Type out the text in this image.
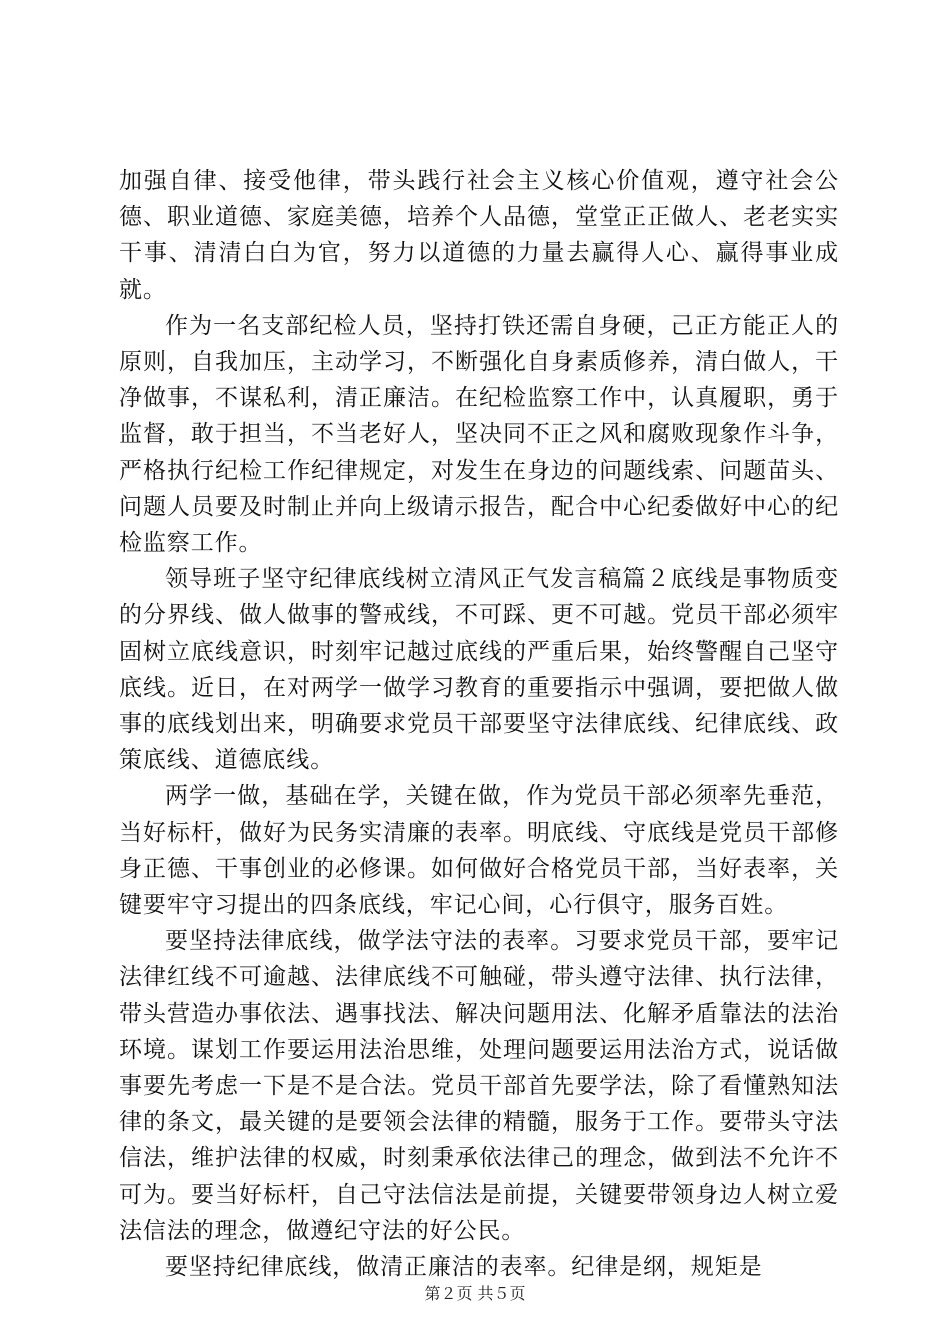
加强自律、接受他律，带头践行社会主义核心价值观，遵守社会公德、职业道德、家庭美德，培养个人品德，堂堂正正做人、老老实实干事、清清白白为官，努力以道德的力量去赢得人心、赢得事业成就。

作为一名支部纪检人员，坚持打铁还需自身硬，己正方能正人的原则，自我加压，主动学习，不断强化自身素质修养，清白做人，干净做事，不谋私利，清正廉洁。在纪检监察工作中，认真履职，勇于监督，敢于担当，不当老好人，坚决同不正之风和腐败现象作斗争，严格执行纪检工作纪律规定，对发生在身边的问题线索、问题苗头、问题人员要及时制止并向上级请示报告，配合中心纪委做好中心的纪检监察工作。

领导班子坚守纪律底线树立清风正气发言稿篇２底线是事物质变的分界线、做人做事的警戒线，不可踩、更不可越。党员干部必须牢固树立底线意识，时刻牢记越过底线的严重后果，始终警醒自己坚守底线。近日，在对两学一做学习教育的重要指示中强调，要把做人做事的底线划出来，明确要求党员干部要坚守法律底线、纪律底线、政策底线、道德底线。

两学一做，基础在学，关键在做，作为党员干部必须率先垂范，当好标杆，做好为民务实清廉的表率。明底线、守底线是党员干部修身正德、干事创业的必修课。如何做好合格党员干部，当好表率，关键要牢守习提出的四条底线，牢记心间，心行俱守，服务百姓。

要坚持法律底线，做学法守法的表率。习要求党员干部，要牢记法律红线不可逾越、法律底线不可触碰，带头遵守法律、执行法律，带头营造办事依法、遇事找法、解决问题用法、化解矛盾靠法的法治环境。谋划工作要运用法治思维，处理问题要运用法治方式，说话做事要先考虑一下是不是合法。党员干部首先要学法，除了看懂熟知法律的条文，最关键的是要领会法律的精髓，服务于工作。要带头守法信法，维护法律的权威，时刻秉承依法律己的理念，做到法不允许不可为。要当好标杆，自己守法信法是前提，关键要带领身边人树立爱法信法的理念，做遵纪守法的好公民。

要坚持纪律底线，做清正廉洁的表率。纪律是纲，规矩是

第２页 共５页
